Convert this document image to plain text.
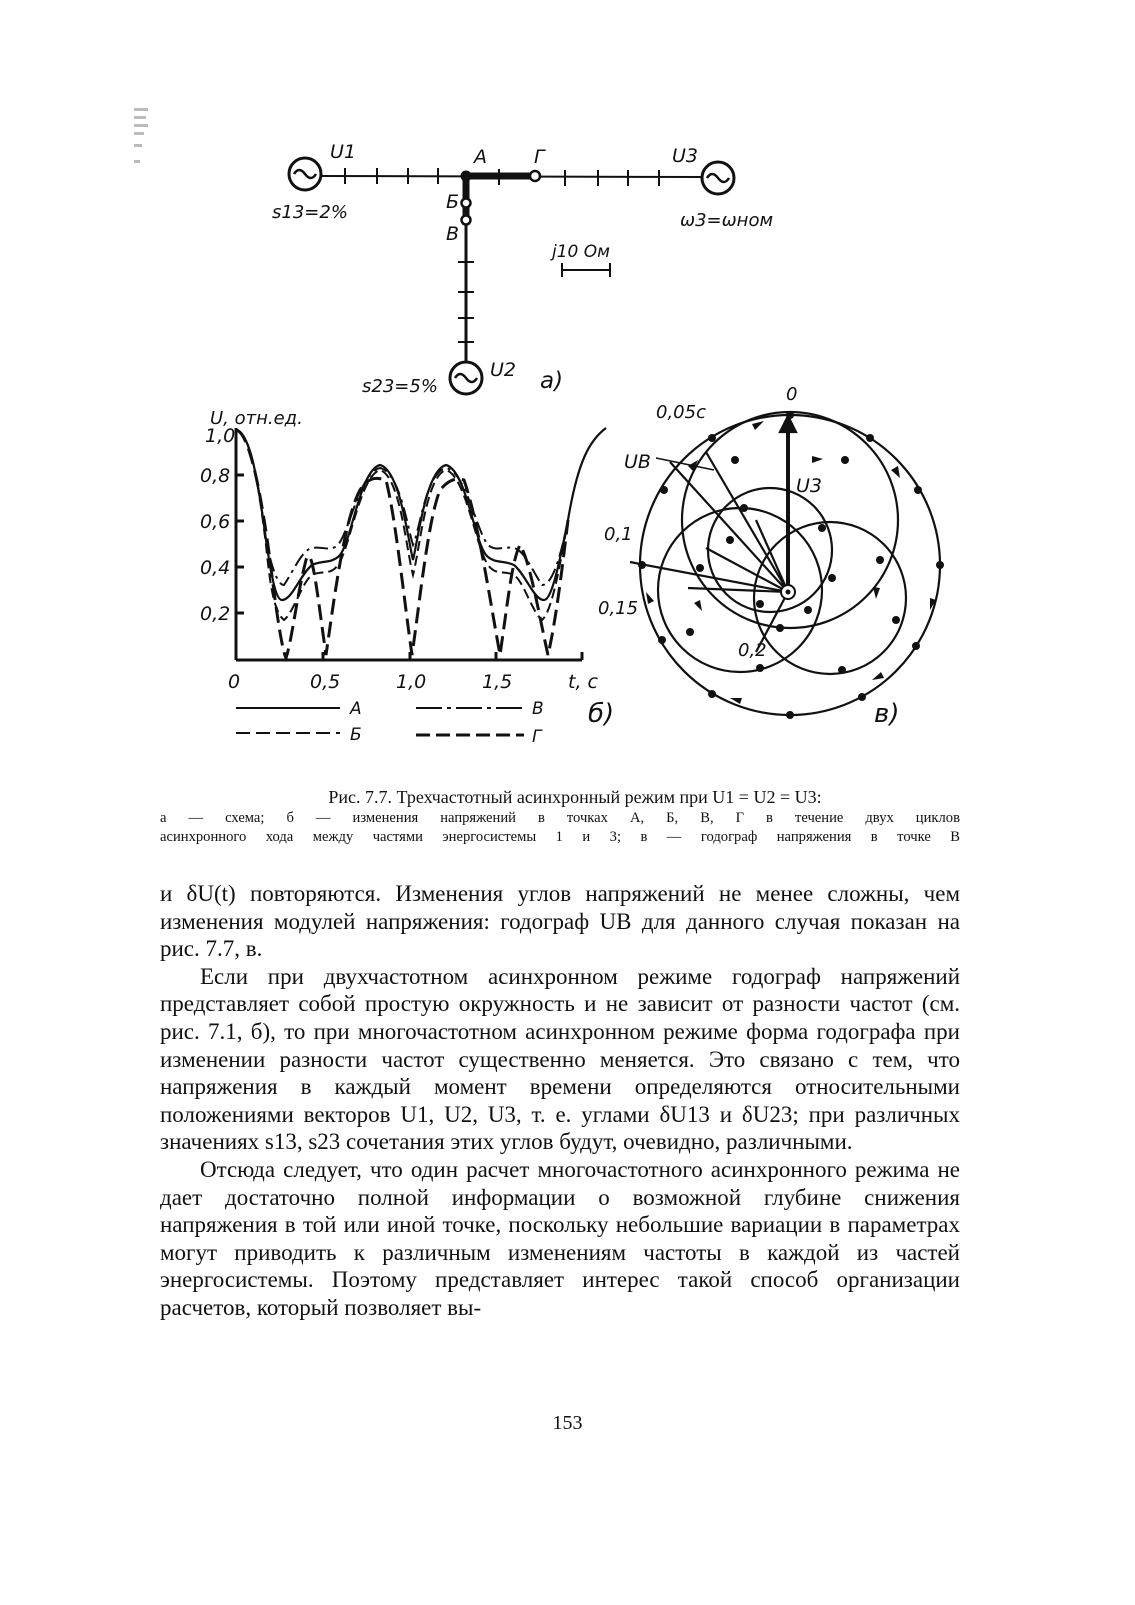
U1	U3
U2
А Г
Б
В
s13=2%
s23=5%
ω3=ωном
j10 Ом
а)
U, отн.ед.
0,2
0,4
0,6
0,8
1,0
0	0,5	1,0	1,5	t, с
б)
А
Б
В
Г
0
0,05с
0,1
0,15
0,2
UВ
U3
в)
Рис. 7.7. Трехчастотный асинхронный режим при U1 = U2 = U3:
а — схема; б — изменения напряжений в точках А, Б, В, Г в течение двух циклов
асинхронного хода между частями энергосистемы 1 и 3; в — годограф напряжения в точке В

и δU(t) повторяются. Изменения углов напряжений не менее сложны, чем изменения модулей напряжения: годограф UВ для данного случая показан на рис. 7.7, в.

Если при двухчастотном асинхронном режиме годограф напряжений представляет собой простую окружность и не зависит от разности частот (см. рис. 7.1, б), то при многочастотном асинхронном режиме форма годографа при изменении разности частот существенно меняется. Это связано с тем, что напряжения в каждый момент времени определяются относительными положениями векторов U1, U2, U3, т. е. углами δU13 и δU23; при различных значениях s13, s23 сочетания этих углов будут, очевидно, различными.

Отсюда следует, что один расчет многочастотного асинхронного режима не дает достаточно полной информации о возможной глубине снижения напряжения в той или иной точке, поскольку небольшие вариации в параметрах могут приводить к различным изменениям частоты в каждой из частей энергосистемы. Поэтому представляет интерес такой способ организации расчетов, который позволяет вы-

153
